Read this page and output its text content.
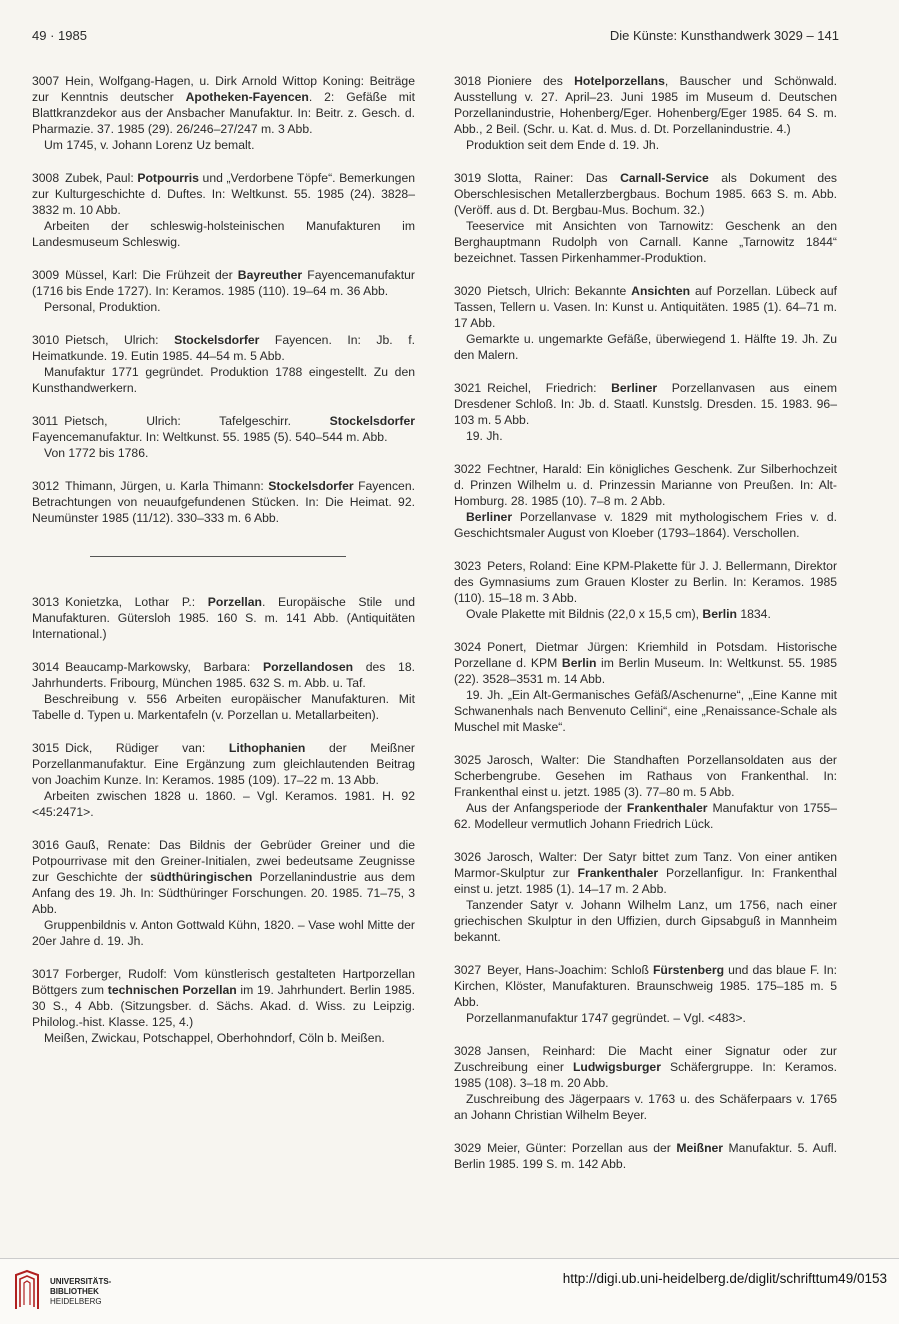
49 · 1985	Die Künste: Kunsthandwerk 3029 – 141

3007 Hein, Wolfgang-Hagen, u. Dirk Arnold Wittop Koning: Beiträge zur Kenntnis deutscher Apotheken-Fayencen. 2: Gefäße mit Blattkranzdekor aus der Ansbacher Manufaktur. In: Beitr. z. Gesch. d. Pharmazie. 37. 1985 (29). 26/246–27/247 m. 3 Abb.

Um 1745, v. Johann Lorenz Uz bemalt.

3008 Zubek, Paul: Potpourris und „Verdorbene Töpfe“. Bemerkungen zur Kulturgeschichte d. Duftes. In: Weltkunst. 55. 1985 (24). 3828–3832 m. 10 Abb.

Arbeiten der schleswig-holsteinischen Manufakturen im Landesmuseum Schleswig.

3009 Müssel, Karl: Die Frühzeit der Bayreuther Fayencemanufaktur (1716 bis Ende 1727). In: Keramos. 1985 (110). 19–64 m. 36 Abb.

Personal, Produktion.

3010 Pietsch, Ulrich: Stockelsdorfer Fayencen. In: Jb. f. Heimatkunde. 19. Eutin 1985. 44–54 m. 5 Abb.

Manufaktur 1771 gegründet. Produktion 1788 eingestellt. Zu den Kunsthandwerkern.

3011 Pietsch, Ulrich: Tafelgeschirr. Stockelsdorfer Fayencemanufaktur. In: Weltkunst. 55. 1985 (5). 540–544 m. Abb.

Von 1772 bis 1786.

3012 Thimann, Jürgen, u. Karla Thimann: Stockelsdorfer Fayencen. Betrachtungen von neuaufgefundenen Stücken. In: Die Heimat. 92. Neumünster 1985 (11/12). 330–333 m. 6 Abb.

3013 Konietzka, Lothar P.: Porzellan. Europäische Stile und Manufakturen. Gütersloh 1985. 160 S. m. 141 Abb. (Antiquitäten International.)

3014 Beaucamp-Markowsky, Barbara: Porzellandosen des 18. Jahrhunderts. Fribourg, München 1985. 632 S. m. Abb. u. Taf.

Beschreibung v. 556 Arbeiten europäischer Manufakturen. Mit Tabelle d. Typen u. Markentafeln (v. Porzellan u. Metallarbeiten).

3015 Dick, Rüdiger van: Lithophanien der Meißner Porzellanmanufaktur. Eine Ergänzung zum gleichlautenden Beitrag von Joachim Kunze. In: Keramos. 1985 (109). 17–22 m. 13 Abb.

Arbeiten zwischen 1828 u. 1860. – Vgl. Keramos. 1981. H. 92 <45:2471>.

3016 Gauß, Renate: Das Bildnis der Gebrüder Greiner und die Potpourrivase mit den Greiner-Initialen, zwei bedeutsame Zeugnisse zur Geschichte der südthüringischen Porzellanindustrie aus dem Anfang des 19. Jh. In: Südthüringer Forschungen. 20. 1985. 71–75, 3 Abb.

Gruppenbildnis v. Anton Gottwald Kühn, 1820. – Vase wohl Mitte der 20er Jahre d. 19. Jh.

3017 Forberger, Rudolf: Vom künstlerisch gestalteten Hartporzellan Böttgers zum technischen Porzellan im 19. Jahrhundert. Berlin 1985. 30 S., 4 Abb. (Sitzungsber. d. Sächs. Akad. d. Wiss. zu Leipzig. Philolog.-hist. Klasse. 125, 4.)

Meißen, Zwickau, Potschappel, Oberhohndorf, Cöln b. Meißen.

3018 Pioniere des Hotelporzellans, Bauscher und Schönwald. Ausstellung v. 27. April–23. Juni 1985 im Museum d. Deutschen Porzellanindustrie, Hohenberg/Eger. Hohenberg/Eger 1985. 64 S. m. Abb., 2 Beil. (Schr. u. Kat. d. Mus. d. Dt. Porzellanindustrie. 4.)

Produktion seit dem Ende d. 19. Jh.

3019 Slotta, Rainer: Das Carnall-Service als Dokument des Oberschlesischen Metallerzbergbaus. Bochum 1985. 663 S. m. Abb. (Veröff. aus d. Dt. Bergbau-Mus. Bochum. 32.)

Teeservice mit Ansichten von Tarnowitz: Geschenk an den Berghauptmann Rudolph von Carnall. Kanne „Tarnowitz 1844“ bezeichnet. Tassen Pirkenhammer-Produktion.

3020 Pietsch, Ulrich: Bekannte Ansichten auf Porzellan. Lübeck auf Tassen, Tellern u. Vasen. In: Kunst u. Antiquitäten. 1985 (1). 64–71 m. 17 Abb.

Gemarkte u. ungemarkte Gefäße, überwiegend 1. Hälfte 19. Jh. Zu den Malern.

3021 Reichel, Friedrich: Berliner Porzellanvasen aus einem Dresdener Schloß. In: Jb. d. Staatl. Kunstslg. Dresden. 15. 1983. 96–103 m. 5 Abb.

19. Jh.

3022 Fechtner, Harald: Ein königliches Geschenk. Zur Silberhochzeit d. Prinzen Wilhelm u. d. Prinzessin Marianne von Preußen. In: Alt-Homburg. 28. 1985 (10). 7–8 m. 2 Abb.

Berliner Porzellanvase v. 1829 mit mythologischem Fries v. d. Geschichtsmaler August von Kloeber (1793–1864). Verschollen.

3023 Peters, Roland: Eine KPM-Plakette für J. J. Bellermann, Direktor des Gymnasiums zum Grauen Kloster zu Berlin. In: Keramos. 1985 (110). 15–18 m. 3 Abb.

Ovale Plakette mit Bildnis (22,0 x 15,5 cm), Berlin 1834.

3024 Ponert, Dietmar Jürgen: Kriemhild in Potsdam. Historische Porzellane d. KPM Berlin im Berlin Museum. In: Weltkunst. 55. 1985 (22). 3528–3531 m. 14 Abb.

19. Jh. „Ein Alt-Germanisches Gefäß/Aschenurne“, „Eine Kanne mit Schwanenhals nach Benvenuto Cellini“, eine „Renaissance-Schale als Muschel mit Maske“.

3025 Jarosch, Walter: Die Standhaften Porzellansoldaten aus der Scherbengrube. Gesehen im Rathaus von Frankenthal. In: Frankenthal einst u. jetzt. 1985 (3). 77–80 m. 5 Abb.

Aus der Anfangsperiode der Frankenthaler Manufaktur von 1755–62. Modelleur vermutlich Johann Friedrich Lück.

3026 Jarosch, Walter: Der Satyr bittet zum Tanz. Von einer antiken Marmor-Skulptur zur Frankenthaler Porzellanfigur. In: Frankenthal einst u. jetzt. 1985 (1). 14–17 m. 2 Abb.

Tanzender Satyr v. Johann Wilhelm Lanz, um 1756, nach einer griechischen Skulptur in den Uffizien, durch Gipsabguß in Mannheim bekannt.

3027 Beyer, Hans-Joachim: Schloß Fürstenberg und das blaue F. In: Kirchen, Klöster, Manufakturen. Braunschweig 1985. 175–185 m. 5 Abb.

Porzellanmanufaktur 1747 gegründet. – Vgl. <483>.

3028 Jansen, Reinhard: Die Macht einer Signatur oder zur Zuschreibung einer Ludwigsburger Schäfergruppe. In: Keramos. 1985 (108). 3–18 m. 20 Abb.

Zuschreibung des Jägerpaars v. 1763 u. des Schäferpaars v. 1765 an Johann Christian Wilhelm Beyer.

3029 Meier, Günter: Porzellan aus der Meißner Manufaktur. 5. Aufl. Berlin 1985. 199 S. m. 142 Abb.

UNIVERSITÄTS-
BIBLIOTHEK
HEIDELBERG
http://digi.ub.uni-heidelberg.de/diglit/schrifttum49/0153
